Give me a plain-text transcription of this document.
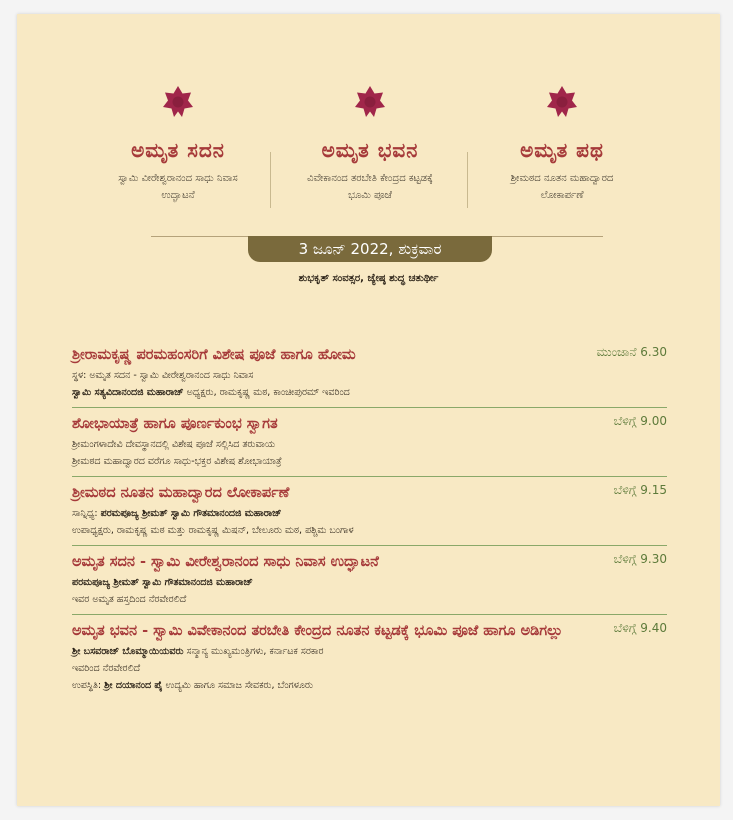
ಅಮೃತ ಸದನ
ಸ್ವಾಮಿ ವೀರೇಶ್ವರಾನಂದ ಸಾಧು ನಿವಾಸ
ಉದ್ಘಾಟನೆ
ಅಮೃತ ಭವನ
ವಿವೇಕಾನಂದ ತರಬೇತಿ ಕೇಂದ್ರದ ಕಟ್ಟಡಕ್ಕೆ
ಭೂಮಿ ಪೂಜೆ
ಅಮೃತ ಪಥ
ಶ್ರೀಮಠದ ನೂತನ ಮಹಾದ್ವಾರದ
ಲೋಕಾರ್ಪಣೆ
3 ಜೂನ್ 2022, ಶುಕ್ರವಾರ
ಶುಭಕೃತ್ ಸಂವತ್ಸರ, ಜ್ಯೇಷ್ಠ ಶುದ್ಧ ಚತುರ್ಥೀ
ಶ್ರೀರಾಮಕೃಷ್ಣ ಪರಮಹಂಸರಿಗೆ ವಿಶೇಷ ಪೂಜೆ ಹಾಗೂ ಹೋಮ	ಮುಂಜಾನೆ 6.30
ಸ್ಥಳ: ಅಮೃತ ಸದನ - ಸ್ವಾಮಿ ವೀರೇಶ್ವರಾನಂದ ಸಾಧು ನಿವಾಸ
ಸ್ವಾಮಿ ಸತ್ಯವಿದಾನಂದಜಿ ಮಹಾರಾಜ್ ಅಧ್ಯಕ್ಷರು, ರಾಮಕೃಷ್ಣ ಮಠ, ಕಾಂಚೀಪುರಮ್ ಇವರಿಂದ
ಶೋಭಾಯಾತ್ರೆ ಹಾಗೂ ಪೂರ್ಣಕುಂಭ ಸ್ವಾಗತ	ಬೆಳಿಗ್ಗೆ 9.00
ಶ್ರೀಮಂಗಳಾದೇವಿ ದೇವಸ್ಥಾನದಲ್ಲಿ ವಿಶೇಷ ಪೂಜೆ ಸಲ್ಲಿಸಿದ ತರುವಾಯ
ಶ್ರೀಮಠದ ಮಹಾದ್ವಾರದ ವರೆಗೂ ಸಾಧು-ಭಕ್ತರ ವಿಶೇಷ ಶೋಭಾಯಾತ್ರೆ
ಶ್ರೀಮಠದ ನೂತನ ಮಹಾದ್ವಾರದ ಲೋಕಾರ್ಪಣೆ	ಬೆಳಿಗ್ಗೆ 9.15
ಸಾನ್ನಿಧ್ಯ: ಪರಮಪೂಜ್ಯ ಶ್ರೀಮತ್ ಸ್ವಾಮಿ ಗೌತಮಾನಂದಜಿ ಮಹಾರಾಜ್
ಉಪಾಧ್ಯಕ್ಷರು, ರಾಮಕೃಷ್ಣ ಮಠ ಮತ್ತು ರಾಮಕೃಷ್ಣ ಮಿಷನ್, ಬೇಲೂರು ಮಠ, ಪಶ್ಚಿಮ ಬಂಗಾಳ
ಅಮೃತ ಸದನ - ಸ್ವಾಮಿ ವೀರೇಶ್ವರಾನಂದ ಸಾಧು ನಿವಾಸ ಉದ್ಘಾಟನೆ	ಬೆಳಿಗ್ಗೆ 9.30
ಪರಮಪೂಜ್ಯ ಶ್ರೀಮತ್ ಸ್ವಾಮಿ ಗೌತಮಾನಂದಜಿ ಮಹಾರಾಜ್
ಇವರ ಅಮೃತ ಹಸ್ತದಿಂದ ನೆರವೇರಲಿದೆ
ಅಮೃತ ಭವನ - ಸ್ವಾಮಿ ವಿವೇಕಾನಂದ ತರಬೇತಿ ಕೇಂದ್ರದ ನೂತನ ಕಟ್ಟಡಕ್ಕೆ ಭೂಮಿ ಪೂಜೆ ಹಾಗೂ ಅಡಿಗಲ್ಲು	ಬೆಳಿಗ್ಗೆ 9.40
ಶ್ರೀ ಬಸವರಾಜ್ ಬೊಮ್ಮಾಯಿಯವರು ಸನ್ಮಾನ್ಯ ಮುಖ್ಯಮಂತ್ರಿಗಳು, ಕರ್ನಾಟಕ ಸರಕಾರ
ಇವರಿಂದ ನೆರವೇರಲಿದೆ
ಉಪಸ್ಥಿತಿ: ಶ್ರೀ ದಯಾನಂದ ಪೈ ಉದ್ಯಮಿ ಹಾಗೂ ಸಮಾಜ ಸೇವಕರು, ಬೆಂಗಳೂರು
